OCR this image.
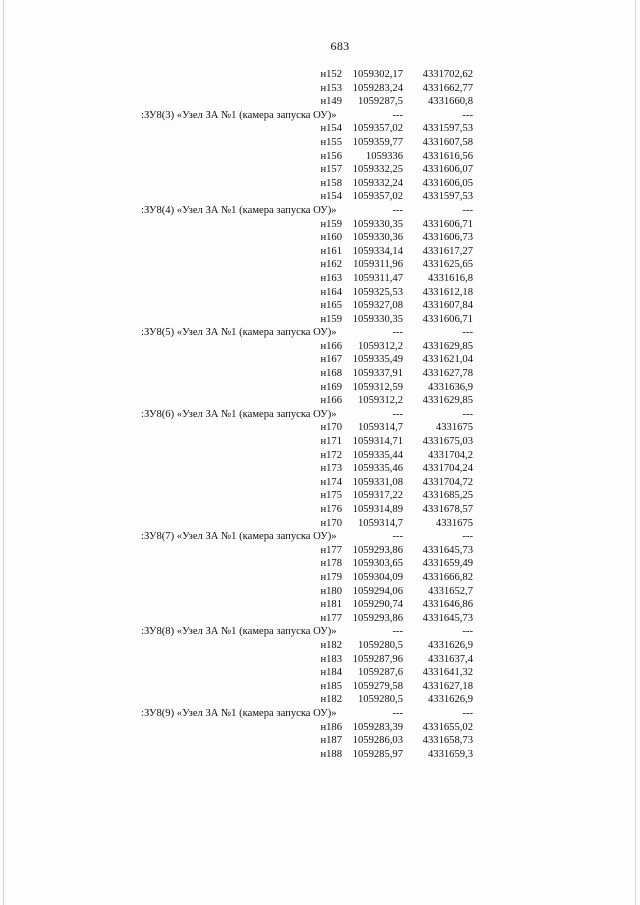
683
н152 1059302,17 4331702,62
н153 1059283,24 4331662,77
н149 1059287,5 4331660,8
:ЗУ8(3) «Узел ЗА №1 (камера запуска ОУ)»	---	---
н154 1059357,02 4331597,53
н155 1059359,77 4331607,58
н156 1059336 4331616,56
н157 1059332,25 4331606,07
н158 1059332,24 4331606,05
н154 1059357,02 4331597,53
:ЗУ8(4) «Узел ЗА №1 (камера запуска ОУ)»	---	---
н159 1059330,35 4331606,71
н160 1059330,36 4331606,73
н161 1059334,14 4331617,27
н162 1059311,96 4331625,65
н163 1059311,47 4331616,8
н164 1059325,53 4331612,18
н165 1059327,08 4331607,84
н159 1059330,35 4331606,71
:ЗУ8(5) «Узел ЗА №1 (камера запуска ОУ)»	---	---
н166 1059312,2 4331629,85
н167 1059335,49 4331621,04
н168 1059337,91 4331627,78
н169 1059312,59 4331636,9
н166 1059312,2 4331629,85
:ЗУ8(6) «Узел ЗА №1 (камера запуска ОУ)»	---	---
н170 1059314,7	4331675
н171 1059314,71 4331675,03
н172 1059335,44 4331704,2
н173 1059335,46 4331704,24
н174 1059331,08 4331704,72
н175 1059317,22 4331685,25
н176 1059314,89 4331678,57
н170 1059314,7	4331675
:ЗУ8(7) «Узел ЗА №1 (камера запуска ОУ)»	---	---
н177 1059293,86 4331645,73
н178 1059303,65 4331659,49
н179 1059304,09 4331666,82
н180 1059294,06 4331652,7
н181 1059290,74 4331646,86
н177 1059293,86 4331645,73
:ЗУ8(8) «Узел ЗА №1 (камера запуска ОУ)»	---	---
н182 1059280,5 4331626,9
н183 1059287,96 4331637,4
н184 1059287,6 4331641,32
н185 1059279,58 4331627,18
н182 1059280,5 4331626,9
:ЗУ8(9) «Узел ЗА №1 (камера запуска ОУ)»	---	---
н186 1059283,39 4331655,02
н187 1059286,03 4331658,73
н188 1059285,97 4331659,3
